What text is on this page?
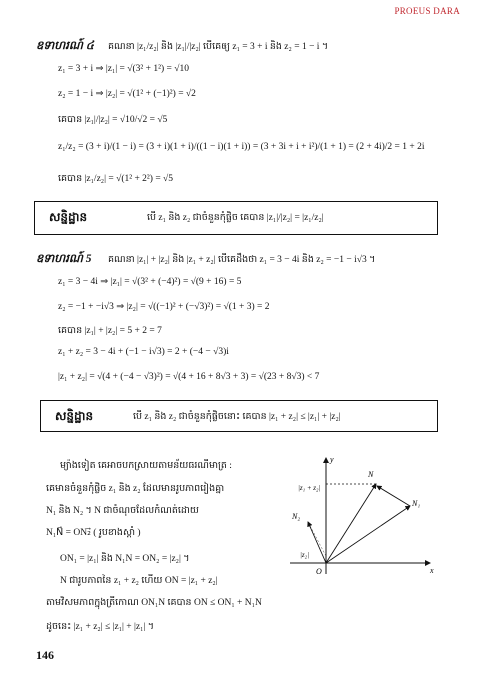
PROEUS DARA
ឧទាហរណ៍ ៤ គណនា |z₁/z₂| និង |z₁|/|z₂| បើគេឲ្យ z₁ = 3 + i និង z₂ = 1 − i ។
z₁ = 3 + i ⇒ |z₁| = √(3² + 1²) = √10
z₂ = 1 − i ⇒ |z₂| = √(1² + (−1)²) = √2
គេបាន |z₁|/|z₂| = √10/√2 = √5
z₁/z₂ = (3 + i)/(1 − i) = (3 + i)(1 + i)/((1 − i)(1 + i)) = (3 + 3i + i + i²)/(1 + 1) = (2 + 4i)/2 = 1 + 2i
គេបាន |z₁/z₂| = √(1² + 2²) = √5
សន្និដ្ឋាន	បើ z₁ និង z₂ ជាចំនួនកុំផ្លិច គេបាន |z₁|/|z₂| = |z₁/z₂|
ឧទាហរណ៍ 5 គណនា |z₁| + |z₂| និង |z₁ + z₂| បើគេដឹងថា z₁ = 3 − 4i និង z₂ = −1 − i√3 ។
z₁ = 3 − 4i ⇒ |z₁| = √(3² + (−4)²) = √(9 + 16) = 5
z₂ = −1 + −i√3 ⇒ |z₂| = √((−1)² + (−√3)²) = √(1 + 3) = 2
គេបាន |z₁| + |z₂| = 5 + 2 = 7
z₁ + z₂ = 3 − 4i + (−1 − i√3) = 2 + (−4 − √3)i
|z₁ + z₂| = √(4 + (−4 − √3)²) = √(4 + 16 + 8√3 + 3) = √(23 + 8√3) < 7
សន្និដ្ឋាន	បើ z₁ និង z₂ ជាចំនួនកុំផ្លិចនោះ គេបាន |z₁ + z₂| ≤ |z₁| + |z₂|
ម្យ៉ាងទៀត គេអាចបកស្រាយតាមន័យធរណីមាត្រ :
គេមានចំនួនកុំផ្លិច z₁ និង z₂ ដែលមានរូបភាពរៀងគ្នា
N₁ និង N₂ ។ N ជាចំណុចដែលកំណត់ដោយ
N₁N⃗ = ON₂⃗ ( រូបខាងស្តាំ )
ON₁ = |z₁| និង N₁N = ON₂ = |z₂| ។
N ជារូបភាពនៃ z₁ + z₂ ហើយ ON = |z₁ + z₂|
តាមវិសមភាពក្នុងត្រីកោណ ON₁N គេបាន ON ≤ ON₁ + N₁N
ដូចនេះ |z₁ + z₂| ≤ |z₁| + |z₁| ។
y
x
O
N
N₁
N₂
|z₁ + z₂|
|z₂|
146
